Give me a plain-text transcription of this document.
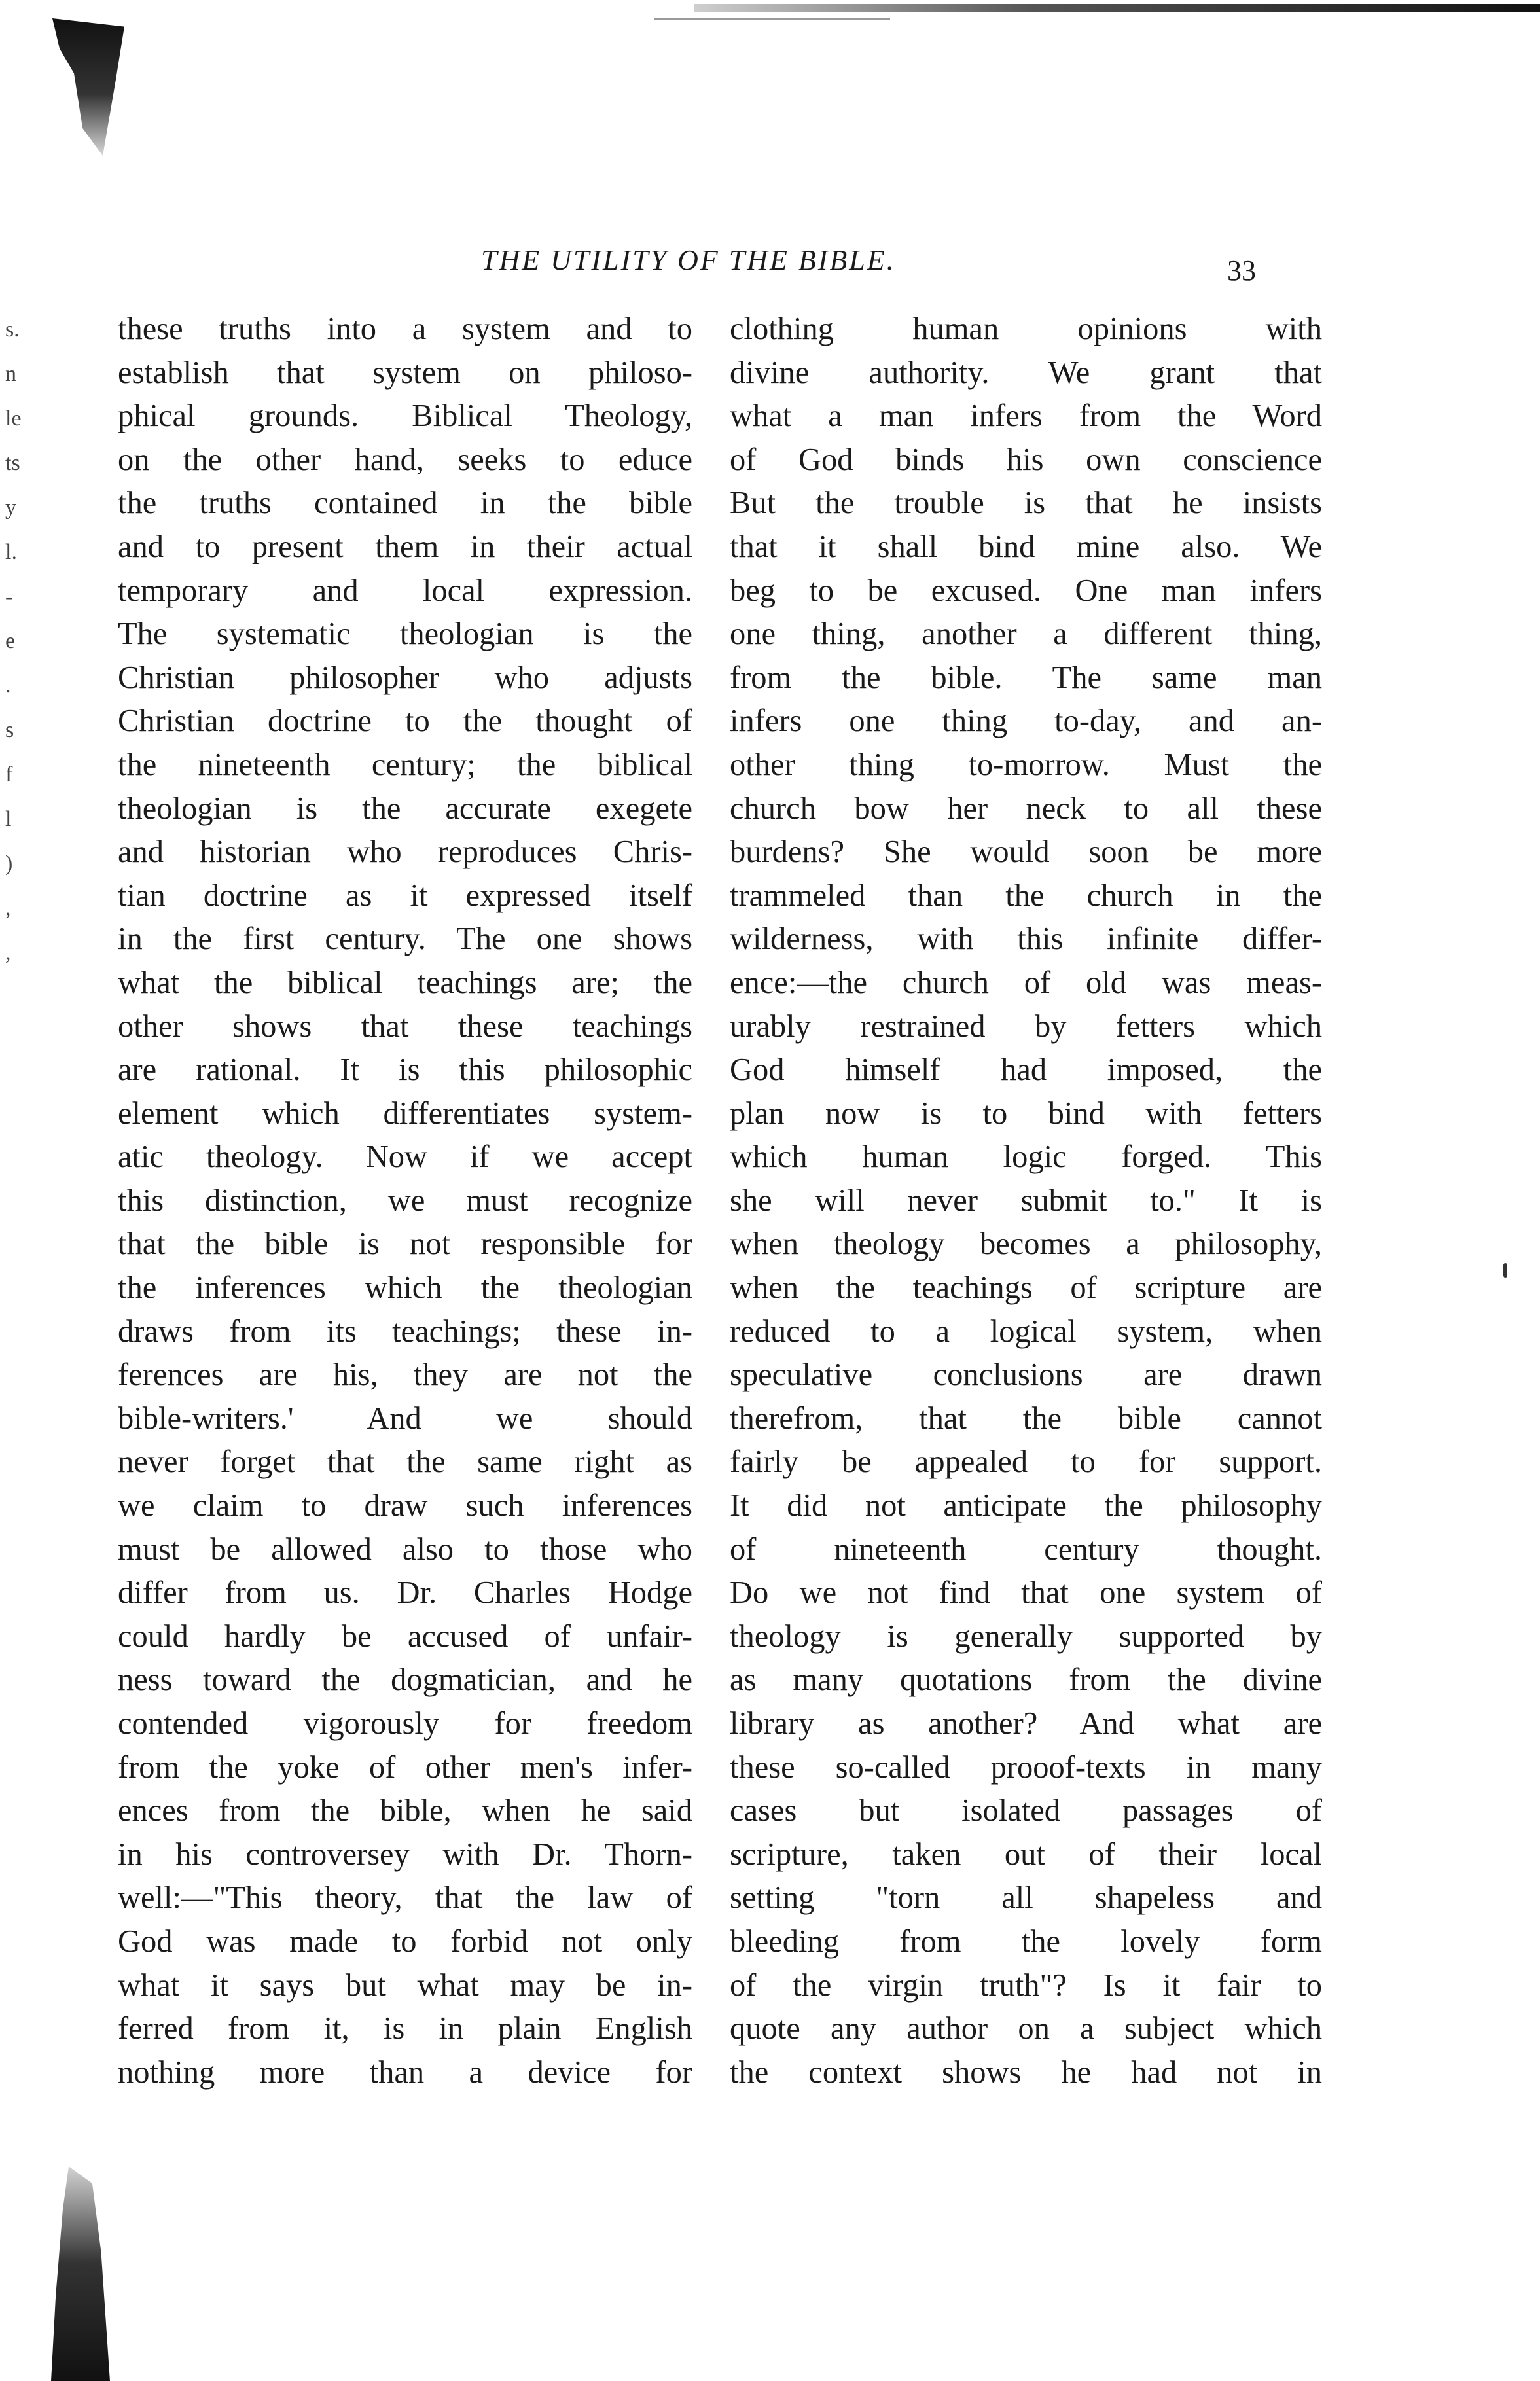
s.
n
le
ts
y
l.
-
e
.
s
f
l
)
,
,
THE UTILITY OF THE BIBLE.	33
these truths into a system and to
establish that system on philoso-
phical grounds. Biblical Theology,
on the other hand, seeks to educe
the truths contained in the bible
and to present them in their actual
temporary and local expression.
The systematic theologian is the
Christian philosopher who adjusts
Christian doctrine to the thought of
the nineteenth century; the biblical
theologian is the accurate exegete
and historian who reproduces Chris-
tian doctrine as it expressed itself
in the first century. The one shows
what the biblical teachings are; the
other shows that these teachings
are rational. It is this philosophic
element which differentiates system-
atic theology. Now if we accept
this distinction, we must recognize
that the bible is not responsible for
the inferences which the theologian
draws from its teachings; these in-
ferences are his, they are not the
bible-writers.' And we should
never forget that the same right as
we claim to draw such inferences
must be allowed also to those who
differ from us. Dr. Charles Hodge
could hardly be accused of unfair-
ness toward the dogmatician, and he
contended vigorously for freedom
from the yoke of other men's infer-
ences from the bible, when he said
in his controversey with Dr. Thorn-
well:—"This theory, that the law of
God was made to forbid not only
what it says but what may be in-
ferred from it, is in plain English
nothing more than a device for
clothing human opinions with
divine authority. We grant that
what a man infers from the Word
of God binds his own conscience
But the trouble is that he insists
that it shall bind mine also. We
beg to be excused. One man infers
one thing, another a different thing,
from the bible. The same man
infers one thing to-day, and an-
other thing to-morrow. Must the
church bow her neck to all these
burdens? She would soon be more
trammeled than the church in the
wilderness, with this infinite differ-
ence:—the church of old was meas-
urably restrained by fetters which
God himself had imposed, the
plan now is to bind with fetters
which human logic forged. This
she will never submit to." It is
when theology becomes a philosophy,
when the teachings of scripture are
reduced to a logical system, when
speculative conclusions are drawn
therefrom, that the bible cannot
fairly be appealed to for support.
It did not anticipate the philosophy
of nineteenth century thought.
Do we not find that one system of
theology is generally supported by
as many quotations from the divine
library as another? And what are
these so-called prooof-texts in many
cases but isolated passages of
scripture, taken out of their local
setting "torn all shapeless and
bleeding from the lovely form
of the virgin truth"? Is it fair to
quote any author on a subject which
the context shows he had not in
